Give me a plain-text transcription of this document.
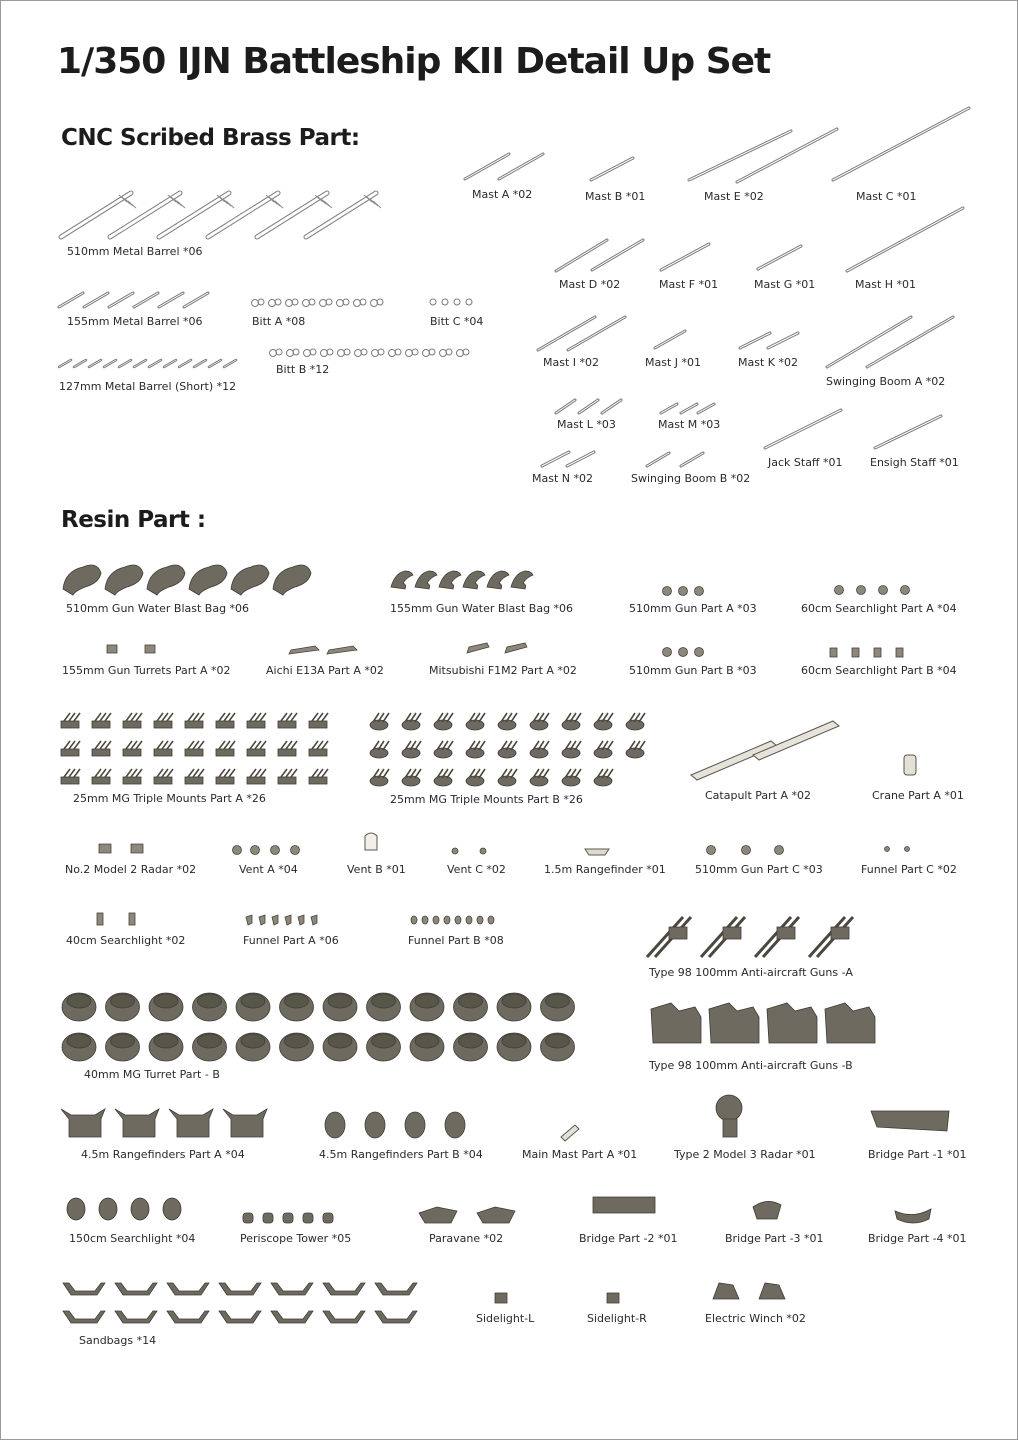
1/350 IJN Battleship KII Detail Up Set
CNC Scribed Brass Part:
Resin Part :
510mm Metal Barrel *06
155mm Metal Barrel *06
127mm Metal Barrel (Short) *12
Bitt A *08
Bitt B *12
Bitt C *04
Mast A *02	Mast B *01	Mast E *02	Mast C *01
Mast D *02	Mast F *01	Mast G *01	Mast H *01
Mast I *02	Mast J *01	Mast K *02
Swinging Boom A *02
Mast L *03	Mast M *03
Jack Staff *01 Ensigh Staff *01
Mast N *02	Swinging Boom B *02
510mm Gun Water Blast Bag *06	155mm Gun Water Blast Bag *06	510mm Gun Part A *03	60cm Searchlight Part A *04
155mm Gun Turrets Part A *02	Aichi E13A Part A *02	Mitsubishi F1M2 Part A *02	510mm Gun Part B *03	60cm Searchlight Part B *04
25mm MG Triple Mounts Part A *26	25mm MG Triple Mounts Part B *26	Catapult Part A *02	Crane Part A *01
No.2 Model 2 Radar *02	Vent A *04	Vent B *01	Vent C *02	1.5m Rangefinder *01	510mm Gun Part C *03	Funnel Part C *02
40cm Searchlight *02	Funnel Part A *06	Funnel Part B *08
Type 98 100mm Anti-aircraft Guns -A
40mm MG Turret Part - B
Type 98 100mm Anti-aircraft Guns -B
4.5m Rangefinders Part A *04	4.5m Rangefinders Part B *04	Main Mast Part A *01	Type 2 Model 3 Radar *01	Bridge Part -1 *01
150cm Searchlight *04	Periscope Tower *05	Paravane *02	Bridge Part -2 *01	Bridge Part -3 *01	Bridge Part -4 *01
Sandbags *14
Sidelight-L	Sidelight-R	Electric Winch *02
